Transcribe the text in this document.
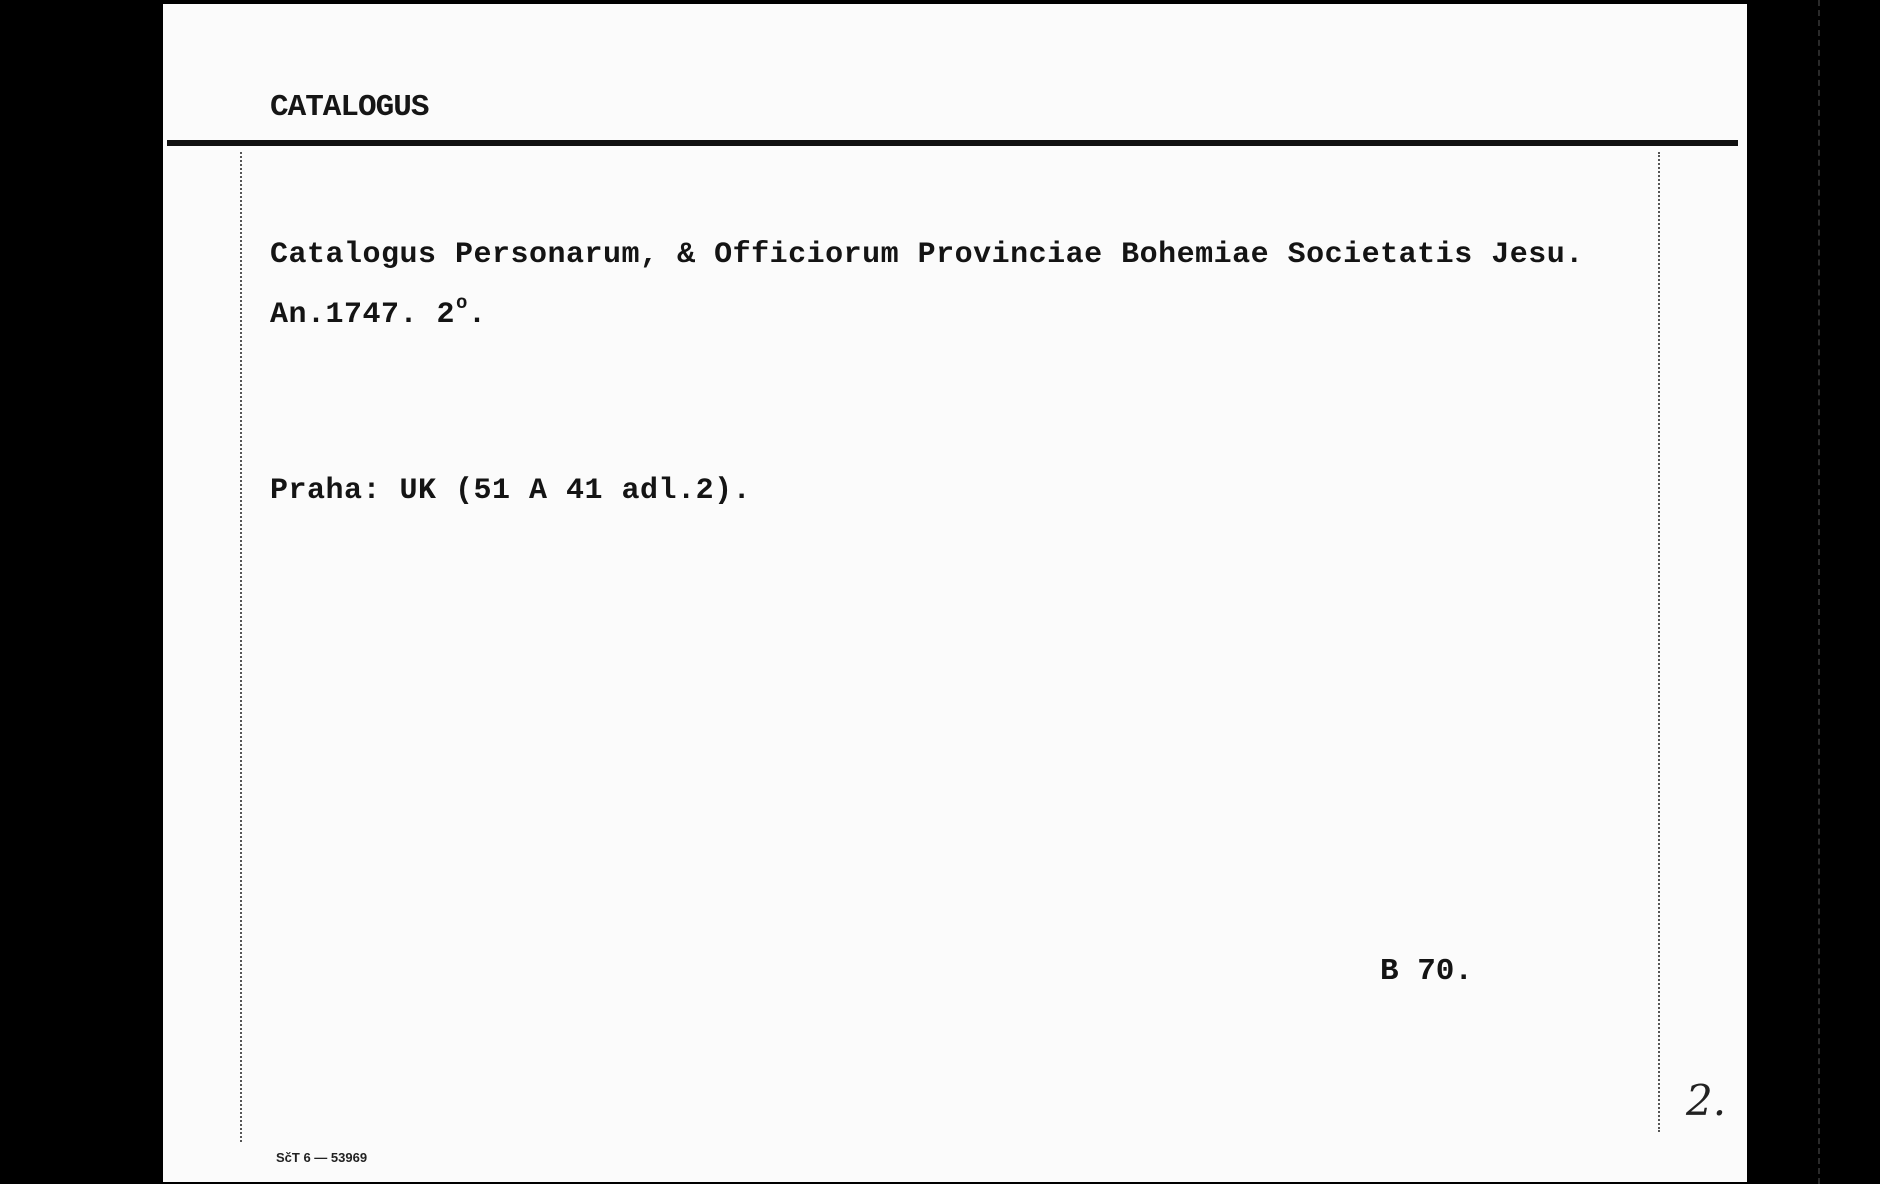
CATALOGUS
Catalogus Personarum, & Officiorum Provinciae Bohemiae Societatis Jesu.
An.1747. 2$^o$.
Praha: UK (51 A 41 adl.2).
B 70.
2.
SčT 6 — 53969
